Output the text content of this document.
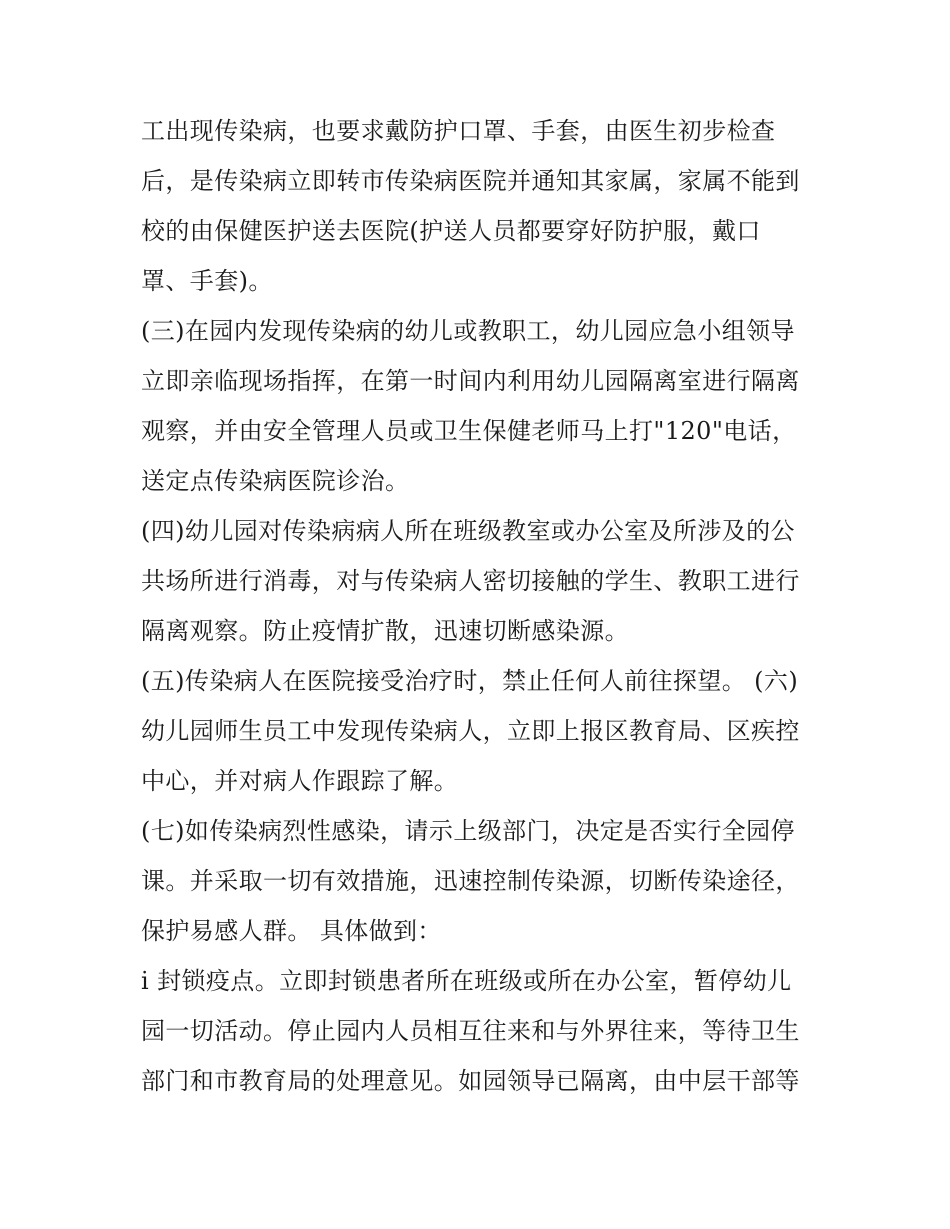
工出现传染病，也要求戴防护口罩、手套，由医生初步检查
后，是传染病立即转市传染病医院并通知其家属，家属不能到
校的由保健医护送去医院(护送人员都要穿好防护服，戴口
罩、手套)。
(三)在园内发现传染病的幼儿或教职工，幼儿园应急小组领导
立即亲临现场指挥，在第一时间内利用幼儿园隔离室进行隔离
观察，并由安全管理人员或卫生保健老师马上打"120"电话，
送定点传染病医院诊治。
(四)幼儿园对传染病病人所在班级教室或办公室及所涉及的公
共场所进行消毒，对与传染病人密切接触的学生、教职工进行
隔离观察。防止疫情扩散，迅速切断感染源。
(五)传染病人在医院接受治疗时，禁止任何人前往探望。 (六)
幼儿园师生员工中发现传染病人，立即上报区教育局、区疾控
中心，并对病人作跟踪了解。
(七)如传染病烈性感染，请示上级部门，决定是否实行全园停
课。并采取一切有效措施，迅速控制传染源，切断传染途径，
保护易感人群。 具体做到：
i 封锁疫点。立即封锁患者所在班级或所在办公室，暂停幼儿
园一切活动。停止园内人员相互往来和与外界往来，等待卫生
部门和市教育局的处理意见。如园领导已隔离，由中层干部等
